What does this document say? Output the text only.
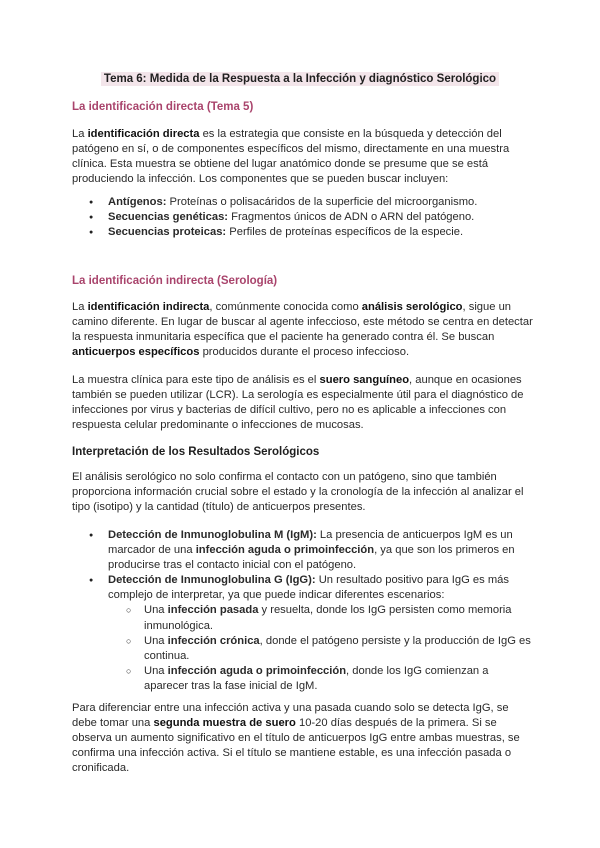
Tema 6: Medida de la Respuesta a la Infección y diagnóstico Serológico
La identificación directa (Tema 5)

La identificación directa es la estrategia que consiste en la búsqueda y detección del patógeno en sí, o de componentes específicos del mismo, directamente en una muestra clínica. Esta muestra se obtiene del lugar anatómico donde se presume que se está produciendo la infección. Los componentes que se pueden buscar incluyen:

● Antígenos: Proteínas o polisacáridos de la superficie del microorganismo.
● Secuencias genéticas: Fragmentos únicos de ADN o ARN del patógeno.
● Secuencias proteicas: Perfiles de proteínas específicos de la especie.
La identificación indirecta (Serología)

La identificación indirecta, comúnmente conocida como análisis serológico, sigue un camino diferente. En lugar de buscar al agente infeccioso, este método se centra en detectar la respuesta inmunitaria específica que el paciente ha generado contra él. Se buscan anticuerpos específicos producidos durante el proceso infeccioso.

La muestra clínica para este tipo de análisis es el suero sanguíneo, aunque en ocasiones también se pueden utilizar (LCR). La serología es especialmente útil para el diagnóstico de infecciones por virus y bacterias de difícil cultivo, pero no es aplicable a infecciones con respuesta celular predominante o infecciones de mucosas.

Interpretación de los Resultados Serológicos

El análisis serológico no solo confirma el contacto con un patógeno, sino que también proporciona información crucial sobre el estado y la cronología de la infección al analizar el tipo (isotipo) y la cantidad (título) de anticuerpos presentes.

● Detección de Inmunoglobulina M (IgM): La presencia de anticuerpos IgM es un marcador de una infección aguda o primoinfección, ya que son los primeros en producirse tras el contacto inicial con el patógeno.
● Detección de Inmunoglobulina G (IgG): Un resultado positivo para IgG es más complejo de interpretar, ya que puede indicar diferentes escenarios:
○ Una infección pasada y resuelta, donde los IgG persisten como memoria inmunológica.
○ Una infección crónica, donde el patógeno persiste y la producción de IgG es continua.
○ Una infección aguda o primoinfección, donde los IgG comienzan a aparecer tras la fase inicial de IgM.

Para diferenciar entre una infección activa y una pasada cuando solo se detecta IgG, se debe tomar una segunda muestra de suero 10-20 días después de la primera. Si se observa un aumento significativo en el título de anticuerpos IgG entre ambas muestras, se confirma una infección activa. Si el título se mantiene estable, es una infección pasada o cronificada.
